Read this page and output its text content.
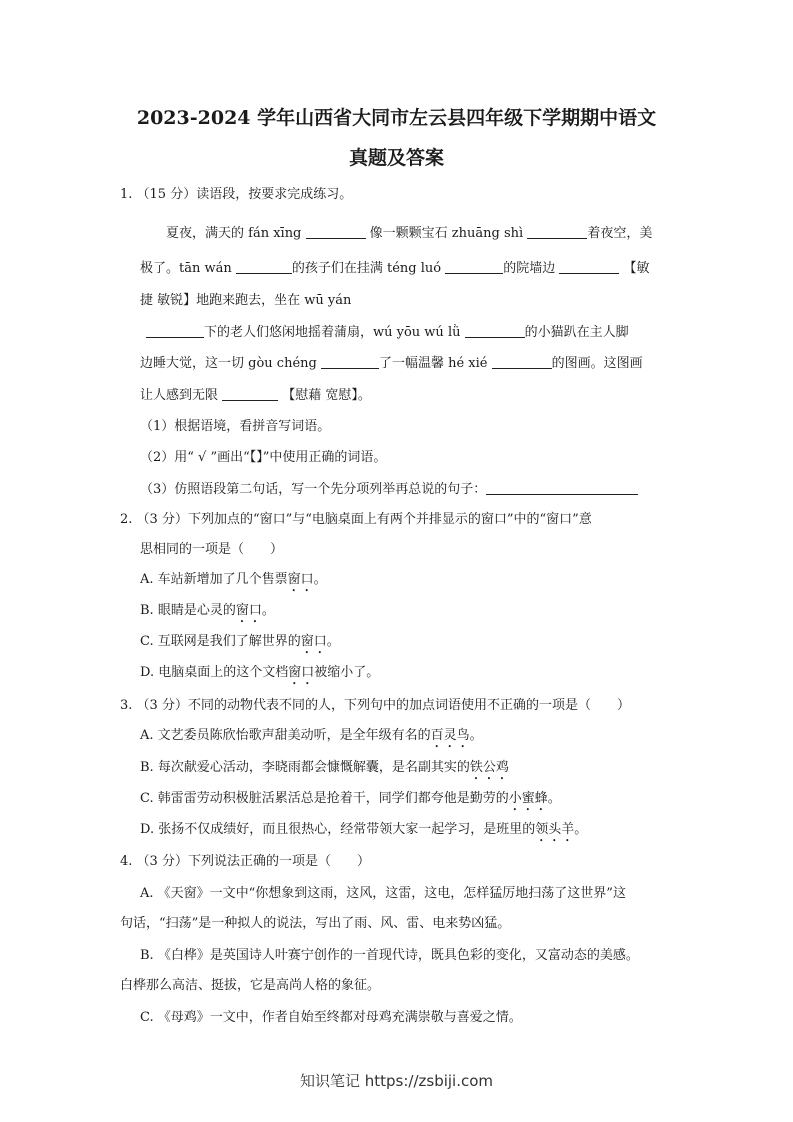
2023-2024 学年山西省大同市左云县四年级下学期期中语文
真题及答案
1. （15 分）读语段，按要求完成练习。
夏夜，满天的 fán xīng	像一颗颗宝石 zhuāng shì	着夜空，美
极了。tān wán	的孩子们在挂满 téng luó	的院墙边	【敏
捷 敏锐】地跑来跑去，坐在 wū yán
下的老人们悠闲地摇着蒲扇，wú yōu wú lǜ	的小猫趴在主人脚
边睡大觉，这一切 gòu chéng	了一幅温馨 hé xié	的图画。这图画
让人感到无限	【慰藉 宽慰】。
（1）根据语境，看拼音写词语。
（2）用“ √ ”画出“【】”中使用正确的词语。
（3）仿照语段第二句话，写一个先分项列举再总说的句子：
2. （3 分）下列加点的“窗口”与“电脑桌面上有两个并排显示的窗口”中的“窗口”意
思相同的一项是（　　）
A. 车站新增加了几个售票窗口。
B. 眼睛是心灵的窗口。
C. 互联网是我们了解世界的窗口。
D. 电脑桌面上的这个文档窗口被缩小了。
3. （3 分）不同的动物代表不同的人，下列句中的加点词语使用不正确的一项是（　　）
A. 文艺委员陈欣怡歌声甜美动听，是全年级有名的百灵鸟。
B. 每次献爱心活动，李晓雨都会慷慨解囊，是名副其实的铁公鸡
C. 韩雷雷劳动积极脏活累活总是抢着干，同学们都夸他是勤劳的小蜜蜂。
D. 张扬不仅成绩好，而且很热心，经常带领大家一起学习，是班里的领头羊。
4. （3 分）下列说法正确的一项是（　　）
A. 《天窗》一文中“你想象到这雨，这风，这雷，这电，怎样猛厉地扫荡了这世界”这
句话，“扫荡”是一种拟人的说法，写出了雨、风、雷、电来势凶猛。
B. 《白桦》是英国诗人叶赛宁创作的一首现代诗，既具色彩的变化，又富动态的美感。
白桦那么高洁、挺拔，它是高尚人格的象征。
C. 《母鸡》一文中，作者自始至终都对母鸡充满崇敬与喜爱之情。
知识笔记 https://zsbiji.com
